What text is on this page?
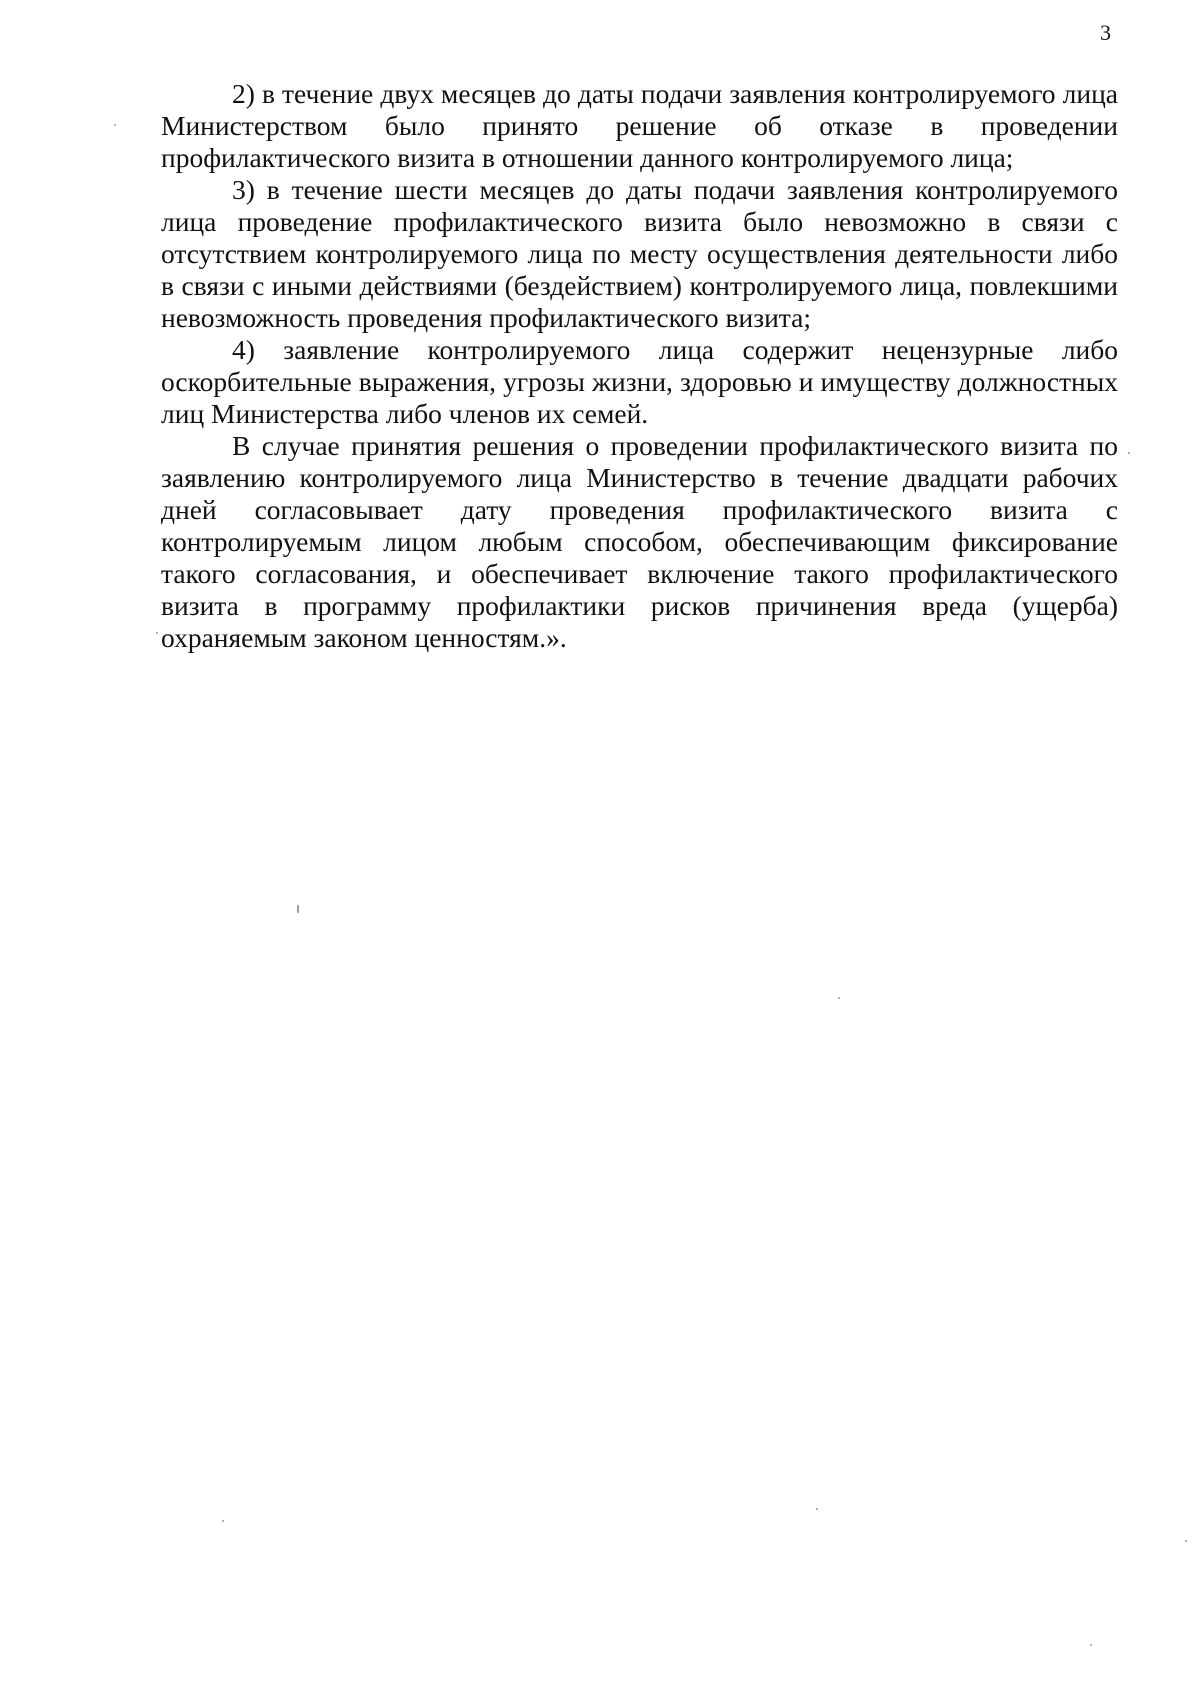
3

2) в течение двух месяцев до даты подачи заявления контролируемого лица Министерством было принято решение об отказе в проведении профилактического визита в отношении данного контролируемого лица;

3) в течение шести месяцев до даты подачи заявления контролируемого лица проведение профилактического визита было невозможно в связи с отсутствием контролируемого лица по месту осуществления деятельности либо в связи с иными действиями (бездействием) контролируемого лица, повлекшими невозможность проведения профилактического визита;

4) заявление контролируемого лица содержит нецензурные либо оскорбительные выражения, угрозы жизни, здоровью и имуществу должностных лиц Министерства либо членов их семей.

В случае принятия решения о проведении профилактического визита по заявлению контролируемого лица Министерство в течение двадцати рабочих дней согласовывает дату проведения профилактического визита с контролируемым лицом любым способом, обеспечивающим фиксирование такого согласования, и обеспечивает включение такого профилактического визита в программу профилактики рисков причинения вреда (ущерба) охраняемым законом ценностям.».
